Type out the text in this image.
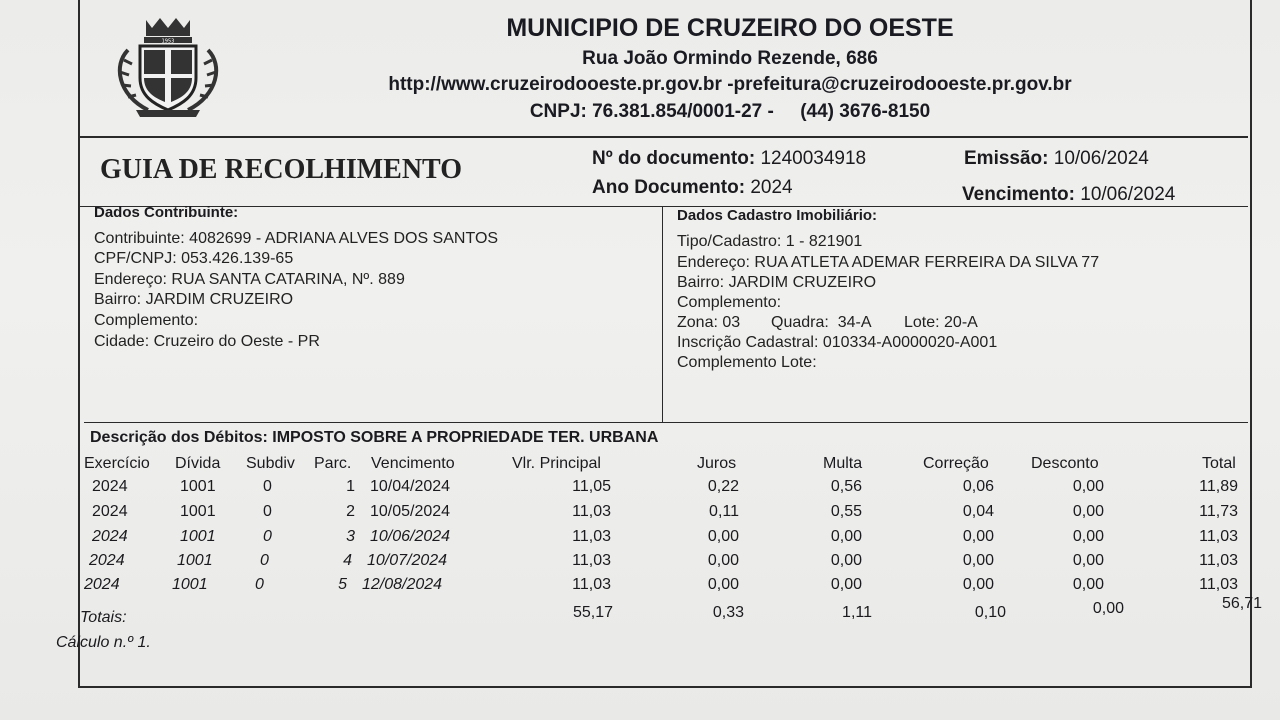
1953	MUNICIPIO DE CRUZEIRO DO OESTE
Rua João Ormindo Rezende, 686
http://www.cruzeirodooeste.pr.gov.br -prefeitura@cruzeirodooeste.pr.gov.br
CNPJ: 76.381.854/0001-27 -     (44) 3676-8150
GUIA DE RECOLHIMENTO	Nº do documento: 1240034918
Ano Documento: 2024
Emissão: 10/06/2024
Vencimento: 10/06/2024
Dados Contribuinte:
Contribuinte: 4082699 - ADRIANA ALVES DOS SANTOS
CPF/CNPJ: 053.426.139-65
Endereço: RUA SANTA CATARINA, Nº. 889
Bairro: JARDIM CRUZEIRO
Complemento:
Cidade: Cruzeiro do Oeste - PR
Dados Cadastro Imobiliário:
Tipo/Cadastro: 1 - 821901
Endereço: RUA ATLETA ADEMAR FERREIRA DA SILVA 77
Bairro: JARDIM CRUZEIRO
Complemento:
Zona: 03 Quadra:  34-A Lote: 20-A
Inscrição Cadastral: 010334-A0000020-A001
Complemento Lote:
Descrição dos Débitos: IMPOSTO SOBRE A PROPRIEDADE TER. URBANA
Exercício Dívida Subdiv Parc. Vencimento	Vlr. Principal	Juros	Multa	Correção	Desconto	Total
2024	1001	0	1 10/04/2024	11,05	0,22	0,56	0,06	0,00	11,89
2024	1001	0	2 10/05/2024	11,03	0,11	0,55	0,04	0,00	11,73
2024	1001	0	3 10/06/2024	11,03	0,00	0,00	0,00	0,00	11,03
2024	1001	0	4 10/07/2024	11,03	0,00	0,00	0,00	0,00	11,03
2024	1001	0	5 12/08/2024	11,03	0,00	0,00	0,00	0,00	11,03
Totais:	55,17	0,33	1,11	0,10	0,00	56,71
Cálculo n.º 1.
